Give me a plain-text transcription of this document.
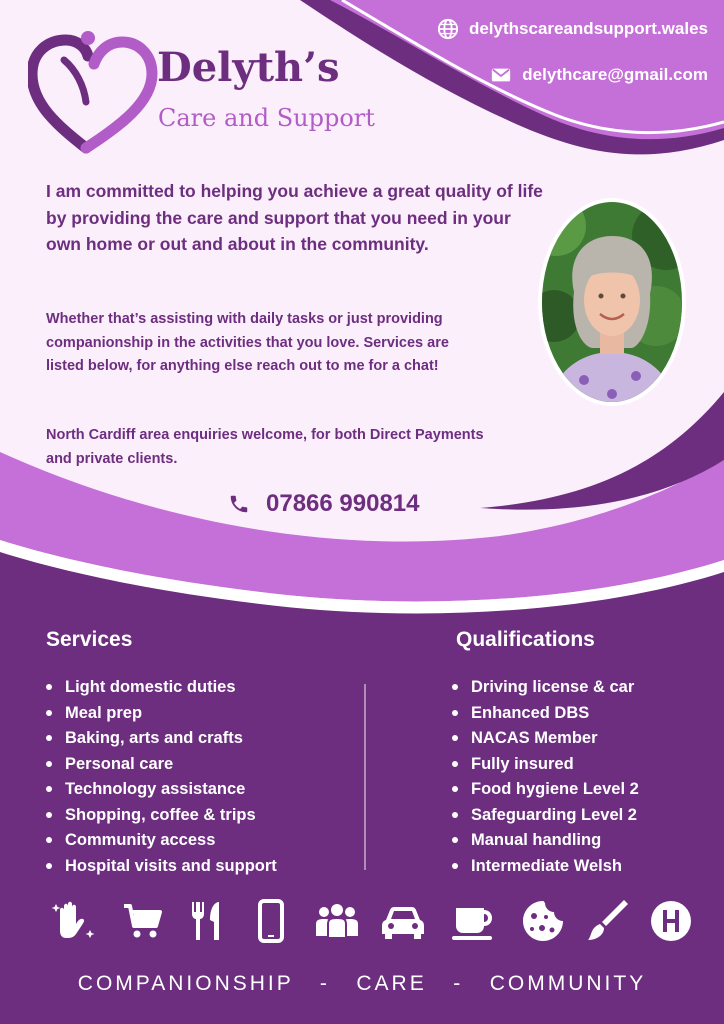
Delyth’s

Care and Support

delythscareandsupport.wales
delythcare@gmail.com

I am committed to helping you achieve a great quality of life by providing the care and support that you need in your own home or out and about in the community.

Whether that’s assisting with daily tasks or just providing companionship in the activities that you love. Services are listed below, for anything else reach out to me for a chat!

North Cardiff area enquiries welcome, for both Direct Payments and private clients.

07866 990814
Services	Qualifications
Light domestic duties
Meal prep
Baking, arts and crafts
Personal care
Technology assistance
Shopping, coffee & trips
Community access
Hospital visits and support
Driving license & car
Enhanced DBS
NACAS Member
Fully insured
Food hygiene Level 2
Safeguarding Level 2
Manual handling
Intermediate Welsh

COMPANIONSHIP   -   CARE   -   COMMUNITY
